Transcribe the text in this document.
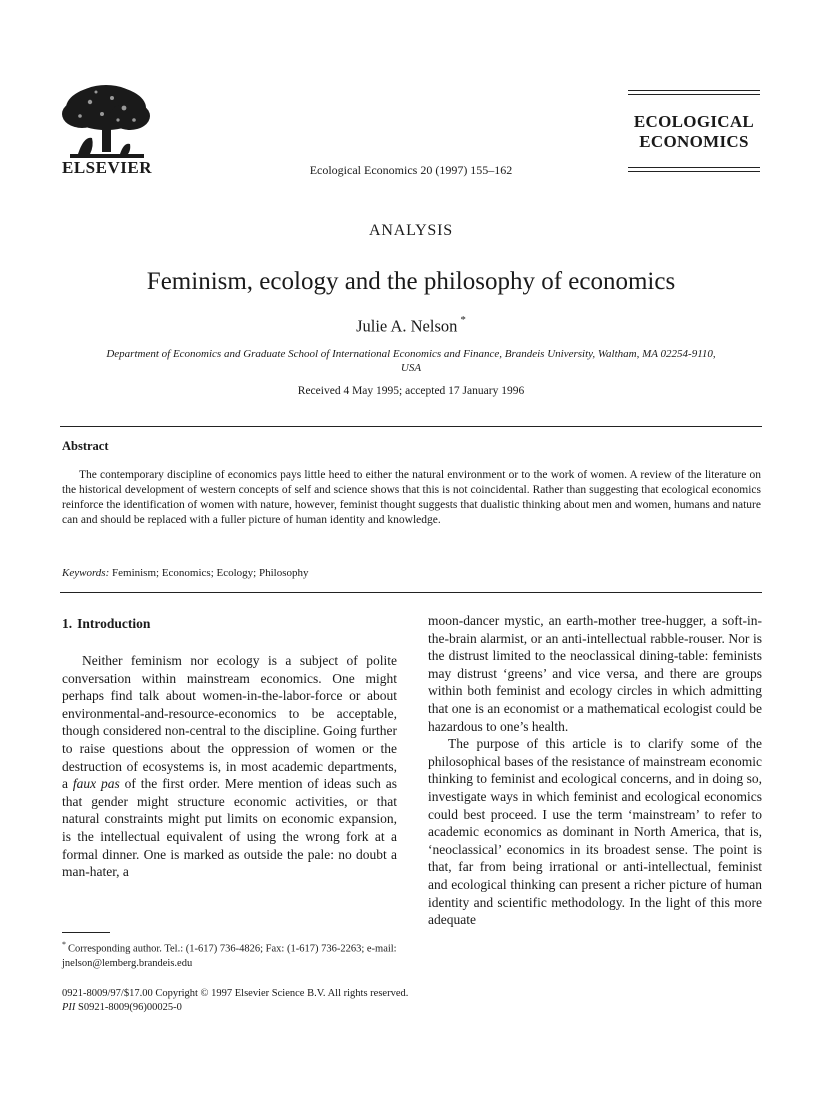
ELSEVIER	Ecological Economics 20 (1997) 155–162
ECOLOGICAL
ECONOMICS
ANALYSIS
Feminism, ecology and the philosophy of economics
Julie A. Nelson *
Department of Economics and Graduate School of International Economics and Finance, Brandeis University, Waltham, MA 02254-9110,
USA
Received 4 May 1995; accepted 17 January 1996
Abstract
The contemporary discipline of economics pays little heed to either the natural environment or to the work of women. A review of the literature on the historical development of western concepts of self and science shows that this is not coincidental. Rather than suggesting that ecological economics reinforce the identification of women with nature, however, feminist thought suggests that dualistic thinking about men and women, humans and nature can and should be replaced with a fuller picture of human identity and knowledge.
Keywords: Feminism; Economics; Ecology; Philosophy
1. Introduction

Neither feminism nor ecology is a subject of polite conversation within mainstream economics. One might perhaps find talk about women-in-the-labor-force or about environmental-and-resource-economics to be acceptable, though considered non-central to the discipline. Going further to raise questions about the oppression of women or the destruction of ecosystems is, in most academic departments, a faux pas of the first order. Mere mention of ideas such as that gender might structure economic activities, or that natural constraints might put limits on economic expansion, is the intellectual equivalent of using the wrong fork at a formal dinner. One is marked as outside the pale: no doubt a man-hater, a

moon-dancer mystic, an earth-mother tree-hugger, a soft-in-the-brain alarmist, or an anti-intellectual rabble-rouser. Nor is the distrust limited to the neoclassical dining-table: feminists may distrust ‘greens’ and vice versa, and there are groups within both feminist and ecology circles in which admitting that one is an economist or a mathematical ecologist could be hazardous to one’s health.

The purpose of this article is to clarify some of the philosophical bases of the resistance of mainstream economic thinking to feminist and ecological concerns, and in doing so, investigate ways in which feminist and ecological economics could best proceed. I use the term ‘mainstream’ to refer to academic economics as dominant in North America, that is, ‘neoclassical’ economics in its broadest sense. The point is that, far from being irrational or anti-intellectual, feminist and ecological thinking can present a richer picture of human identity and scientific methodology. In the light of this more adequate

* Corresponding author. Tel.: (1-617) 736-4826; Fax: (1-617) 736-2263; e-mail: jnelson@lemberg.brandeis.edu
0921-8009/97/$17.00 Copyright © 1997 Elsevier Science B.V. All rights reserved.
PII S0921-8009(96)00025-0
